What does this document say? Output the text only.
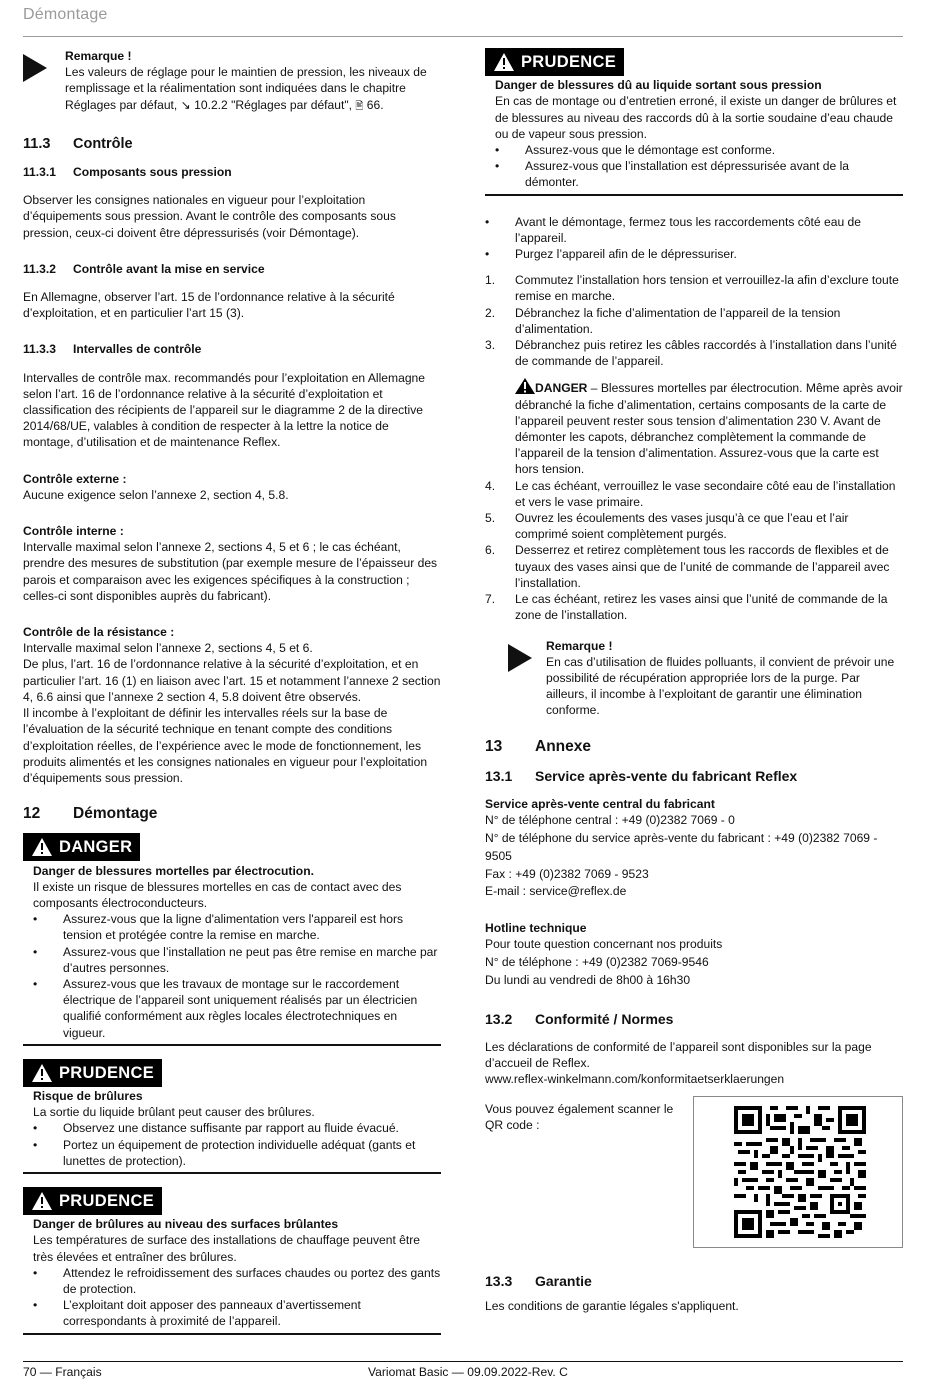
Démontage

Remarque !

Les valeurs de réglage pour le maintien de pression, les niveaux de remplissage et la réalimentation sont indiquées dans le chapitre Réglages par défaut, ↘ 10.2.2 "Réglages par défaut", 🖹 66.

11.3	Contrôle
11.3.1	Composants sous pression

Observer les consignes nationales en vigueur pour l’exploitation d’équipements sous pression. Avant le contrôle des composants sous pression, ceux-ci doivent être dépressurisés (voir Démontage).

11.3.2	Contrôle avant la mise en service

En Allemagne, observer l’art. 15 de l’ordonnance relative à la sécurité d’exploitation, et en particulier l’art 15 (3).

11.3.3	Intervalles de contrôle

Intervalles de contrôle max. recommandés pour l’exploitation en Allemagne selon l’art. 16 de l’ordonnance relative à la sécurité d’exploitation et classification des récipients de l’appareil sur le diagramme 2 de la directive 2014/68/UE, valables à condition de respecter à la lettre la notice de montage, d’utilisation et de maintenance Reflex.

Contrôle externe :

Aucune exigence selon l’annexe 2, section 4, 5.8.

Contrôle interne :

Intervalle maximal selon l’annexe 2, sections 4, 5 et 6 ; le cas échéant, prendre des mesures de substitution (par exemple mesure de l’épaisseur des parois et comparaison avec les exigences spécifiques à la construction ; celles-ci sont disponibles auprès du fabricant).

Contrôle de la résistance :

Intervalle maximal selon l’annexe 2, sections 4, 5 et 6.

De plus, l’art. 16 de l’ordonnance relative à la sécurité d’exploitation, et en particulier l’art. 16 (1) en liaison avec l’art. 15 et notamment l’annexe 2 section 4, 6.6 ainsi que l’annexe 2 section 4, 5.8 doivent être observés.

Il incombe à l’exploitant de définir les intervalles réels sur la base de l’évaluation de la sécurité technique en tenant compte des conditions d’exploitation réelles, de l’expérience avec le mode de fonctionnement, les produits alimentés et les consignes nationales en vigueur pour l’exploitation d’équipements sous pression.

12	Démontage
DANGER

Danger de blessures mortelles par électrocution.

Il existe un risque de blessures mortelles en cas de contact avec des composants électroconducteurs.

•	Assurez-vous que la ligne d'alimentation vers l'appareil est hors tension et protégée contre la remise en marche.
•	Assurez-vous que l’installation ne peut pas être remise en marche par d’autres personnes.
•	Assurez-vous que les travaux de montage sur le raccordement électrique de l’appareil sont uniquement réalisés par un électricien qualifié conformément aux règles locales électrotechniques en vigueur.
PRUDENCE

Risque de brûlures

La sortie du liquide brûlant peut causer des brûlures.

•	Observez une distance suffisante par rapport au fluide évacué.
•	Portez un équipement de protection individuelle adéquat (gants et lunettes de protection).
PRUDENCE

Danger de brûlures au niveau des surfaces brûlantes

Les températures de surface des installations de chauffage peuvent être très élevées et entraîner des brûlures.

•	Attendez le refroidissement des surfaces chaudes ou portez des gants de protection.
•	L’exploitant doit apposer des panneaux d’avertissement correspondants à proximité de l’appareil.
PRUDENCE

Danger de blessures dû au liquide sortant sous pression

En cas de montage ou d’entretien erroné, il existe un danger de brûlures et de blessures au niveau des raccords dû à la sortie soudaine d’eau chaude ou de vapeur sous pression.

•	Assurez-vous que le démontage est conforme.
•	Assurez-vous que l’installation est dépressurisée avant de la démonter.
•	Avant le démontage, fermez tous les raccordements côté eau de l’appareil.
•	Purgez l’appareil afin de le dépressuriser.
1.	Commutez l’installation hors tension et verrouillez-la afin d’exclure toute remise en marche.
2.	Débranchez la fiche d’alimentation de l’appareil de la tension d’alimentation.
3.	Débranchez puis retirez les câbles raccordés à l’installation dans l’unité de commande de l’appareil.

DANGER – Blessures mortelles par électrocution. Même après avoir débranché la fiche d’alimentation, certains composants de la carte de l’appareil peuvent rester sous tension d’alimentation 230 V. Avant de démonter les capots, débranchez complètement la commande de l’appareil de la tension d’alimentation. Assurez-vous que la carte est hors tension.

4.	Le cas échéant, verrouillez le vase secondaire côté eau de l’installation et vers le vase primaire.
5.	Ouvrez les écoulements des vases jusqu’à ce que l’eau et l’air comprimé soient complètement purgés.
6.	Desserrez et retirez complètement tous les raccords de flexibles et de tuyaux des vases ainsi que de l’unité de commande de l’appareil avec l’installation.
7.	Le cas échéant, retirez les vases ainsi que l’unité de commande de la zone de l’installation.

Remarque !

En cas d’utilisation de fluides polluants, il convient de prévoir une possibilité de récupération appropriée lors de la purge. Par ailleurs, il incombe à l’exploitant de garantir une élimination conforme.

13	Annexe
13.1	Service après-vente du fabricant Reflex

Service après-vente central du fabricant

N° de téléphone central : +49 (0)2382 7069 - 0

N° de téléphone du service après-vente du fabricant : +49 (0)2382 7069 - 9505

Fax : +49 (0)2382 7069 - 9523

E-mail : service@reflex.de

Hotline technique

Pour toute question concernant nos produits

N° de téléphone : +49 (0)2382 7069-9546

Du lundi au vendredi de 8h00 à 16h30

13.2	Conformité / Normes

Les déclarations de conformité de l’appareil sont disponibles sur la page d’accueil de Reflex.

www.reflex-winkelmann.com/konformitaetserklaerungen

Vous pouvez également scanner le QR code :

13.3	Garantie

Les conditions de garantie légales s'appliquent.

70 — Français	Variomat Basic — 09.09.2022-Rev. C
